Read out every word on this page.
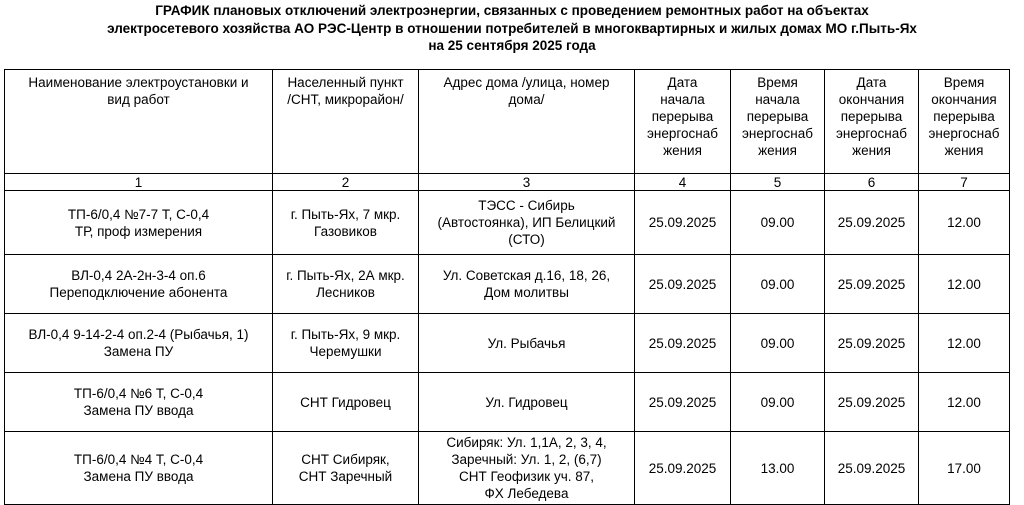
ГРАФИК плановых отключений электроэнергии, связанных с проведением ремонтных работ на объектах
электросетевого хозяйства АО РЭС-Центр в отношении потребителей в многоквартирных и жилых домах МО г.Пыть-Ях
на 25 сентября 2025 года
Наименование электроустановки и
вид работ	Населенный пункт
/СНТ, микрорайон/	Адрес дома /улица, номер
дома/	Дата
начала
перерыва
энергоснаб
жения	Время
начала
перерыва
энергоснаб
жения	Дата
окончания
перерыва
энергоснаб
жения	Время
окончания
перерыва
энергоснаб
жения

1	2	3	4	5	6	7

ТП-6/0,4 №7-7 Т, С-0,4
ТР, проф измерения	г. Пыть-Ях, 7 мкр.
Газовиков	ТЭСС - Сибирь
(Автостоянка), ИП Белицкий
(СТО)	25.09.2025	09.00	25.09.2025	12.00

ВЛ-0,4 2А-2н-3-4 оп.6
Переподключение абонента	г. Пыть-Ях, 2А мкр.
Лесников	Ул. Советская д.16, 18, 26,
Дом молитвы	25.09.2025	09.00	25.09.2025	12.00

ВЛ-0,4 9-14-2-4 оп.2-4 (Рыбачья, 1)
Замена ПУ	г. Пыть-Ях, 9 мкр.
Черемушки	Ул. Рыбачья	25.09.2025	09.00	25.09.2025	12.00

ТП-6/0,4 №6 Т, С-0,4
Замена ПУ ввода	СНТ Гидровец	Ул. Гидровец	25.09.2025	09.00	25.09.2025	12.00

ТП-6/0,4 №4 Т, С-0,4
Замена ПУ ввода	СНТ Сибиряк,
СНТ Заречный	Сибиряк: Ул. 1,1А, 2, 3, 4,
Заречный: Ул. 1, 2, (6,7)
СНТ Геофизик уч. 87,
ФХ Лебедева	25.09.2025	13.00	25.09.2025	17.00
